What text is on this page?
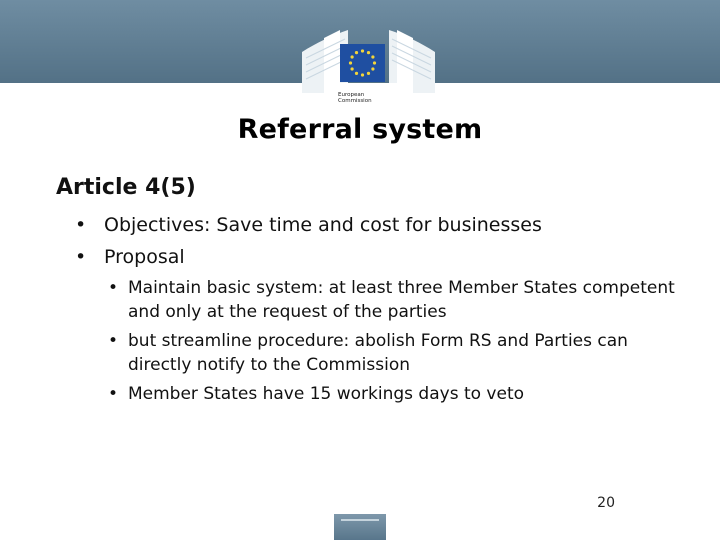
European
Commission
Referral system
Article 4(5)
• Objectives: Save time and cost for businesses
• Proposal
• Maintain basic system: at least three Member States competent and only at the request of the parties
• but streamline procedure: abolish Form RS and Parties can directly notify to the Commission
• Member States have 15 workings days to veto
20
